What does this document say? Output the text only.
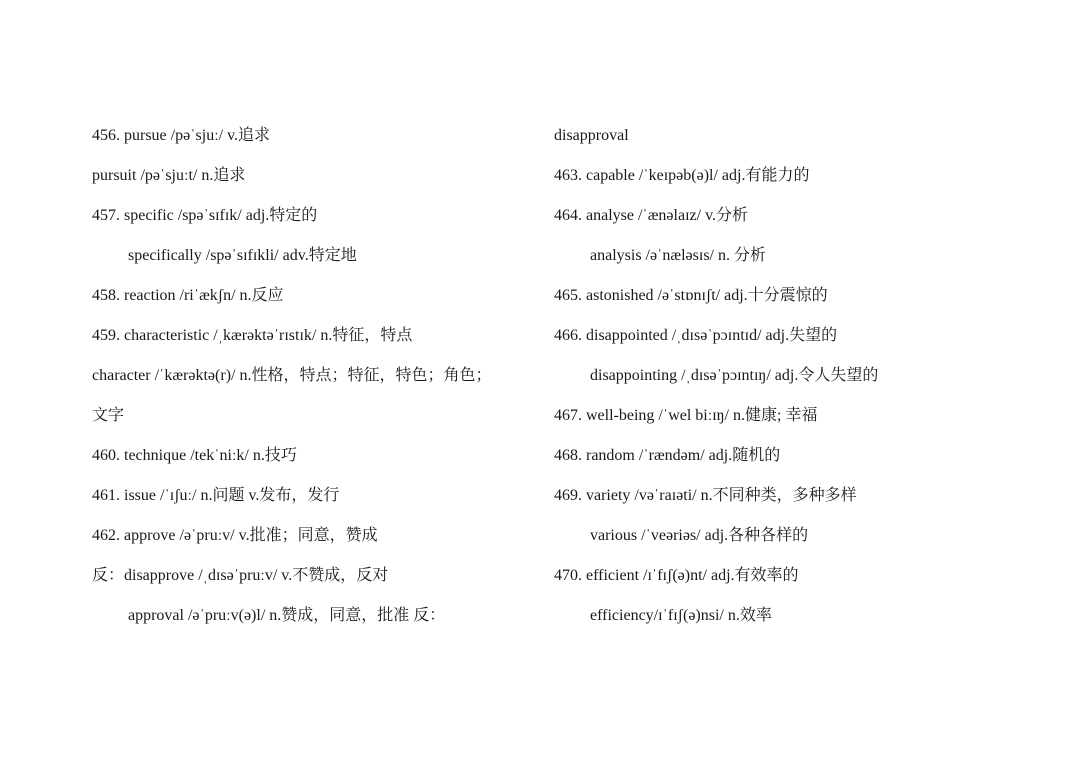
456. pursue /pəˈsjuː/ v.追求
pursuit /pəˈsjuːt/ n.追求
457. specific /spəˈsɪfɪk/ adj.特定的
specifically /spəˈsɪfɪkli/ adv.特定地
458. reaction /riˈækʃn/ n.反应
459. characteristic /ˌkærəktəˈrɪstɪk/ n.特征，特点
character /ˈkærəktə(r)/ n.性格，特点；特征，特色；角色；
文字
460. technique /tekˈniːk/ n.技巧
461. issue /ˈɪʃuː/ n.问题 v.发布，发行
462. approve /əˈpruːv/ v.批准；同意，赞成
反：disapprove /ˌdɪsəˈpruːv/ v.不赞成，反对
approval /əˈpruːv(ə)l/ n.赞成，同意，批准 反：
disapproval
463. capable /ˈkeɪpəb(ə)l/ adj.有能力的
464. analyse /ˈænəlaɪz/ v.分析
analysis /əˈnæləsɪs/ n. 分析
465. astonished /əˈstɒnɪʃt/ adj.十分震惊的
466. disappointed /ˌdɪsəˈpɔɪntɪd/ adj.失望的
disappointing /ˌdɪsəˈpɔɪntɪŋ/ adj.令人失望的
467. well-being /ˈwel biːɪŋ/ n.健康; 幸福
468. random /ˈrændəm/ adj.随机的
469. variety /vəˈraɪəti/ n.不同种类，多种多样
various /ˈveəriəs/ adj.各种各样的
470. efficient /ɪˈfɪʃ(ə)nt/ adj.有效率的
efficiency/ɪˈfɪʃ(ə)nsi/ n.效率
